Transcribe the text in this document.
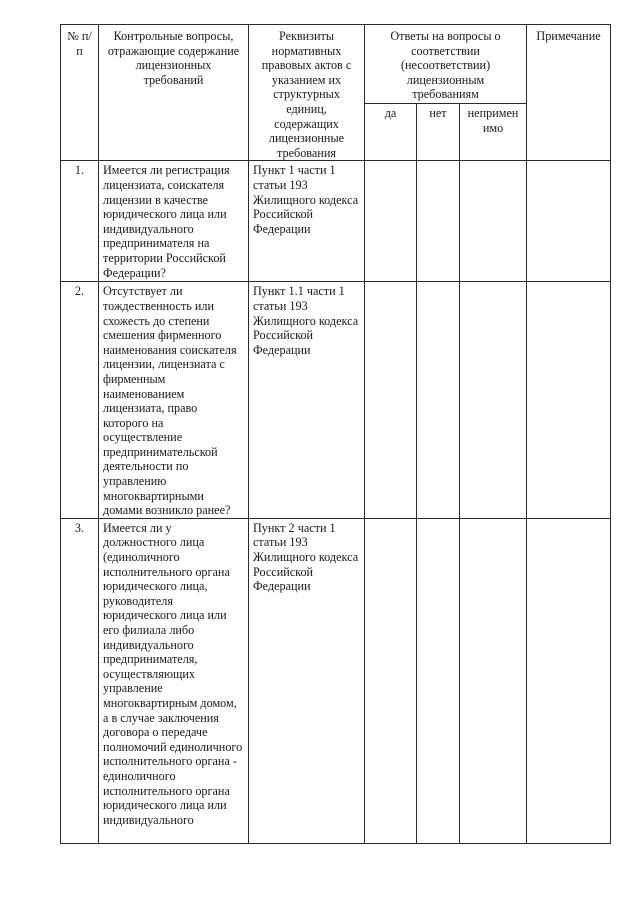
№ п/п	Контрольные вопросы, отражающие содержание лицензионных требований	Реквизиты нормативных правовых актов с указанием их структурных единиц, содержащих лицензионные требования	Ответы на вопросы о соответствии (несоответствии) лицензионным требованиям			Примечание
			да	нет	неприменимо	
1.	Имеется ли регистрация лицензиата, соискателя лицензии в качестве юридического лица или индивидуального предпринимателя на территории Российской Федерации?	Пункт 1 части 1 статьи 193 Жилищного кодекса Российской Федерации				
2.	Отсутствует ли тождественность или схожесть до степени смешения фирменного наименования соискателя лицензии, лицензиата с фирменным наименованием лицензиата, право которого на осуществление предпринимательской деятельности по управлению многоквартирными домами возникло ранее?	Пункт 1.1 части 1 статьи 193 Жилищного кодекса Российской Федерации				
3.	Имеется ли у должностного лица (единоличного исполнительного органа юридического лица, руководителя юридического лица или его филиала либо индивидуального предпринимателя, осуществляющих управление многоквартирным домом, а в случае заключения договора о передаче полномочий единоличного исполнительного органа - единоличного исполнительного органа юридического лица или индивидуального	Пункт 2 части 1 статьи 193 Жилищного кодекса Российской Федерации				
